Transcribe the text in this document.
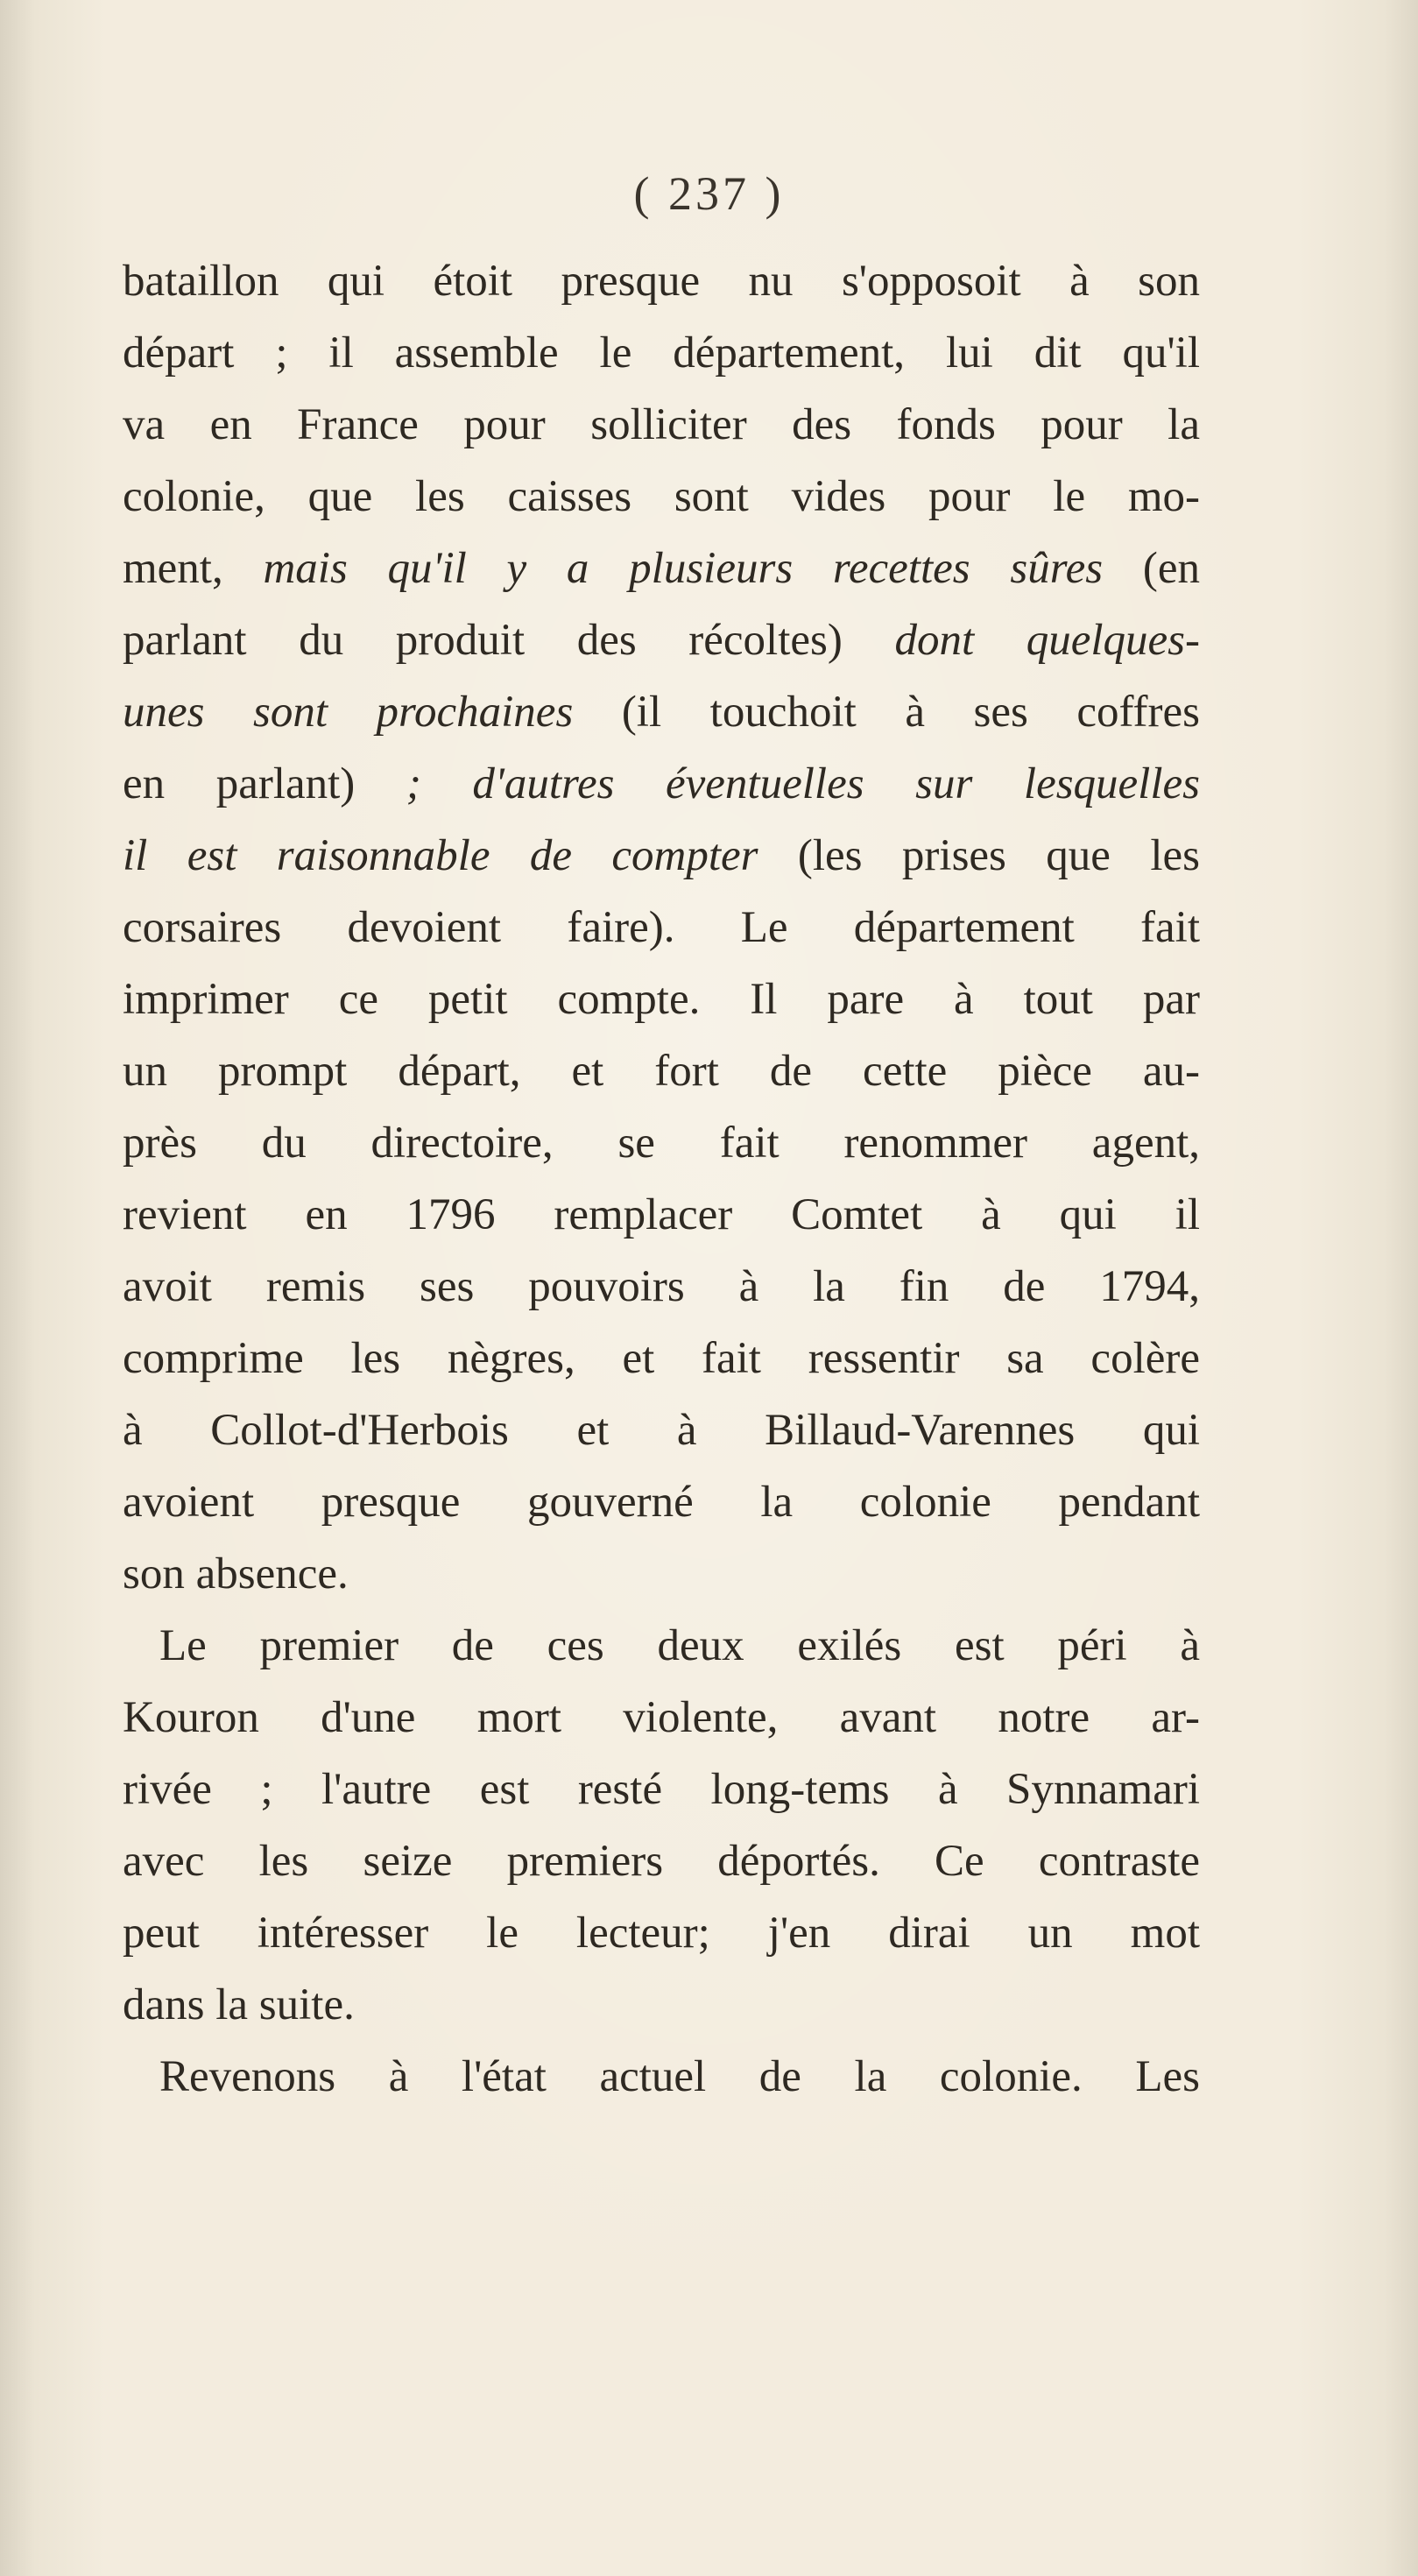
( 237 )
bataillon qui étoit presque nu s'opposoit à son
départ ; il assemble le département, lui dit qu'il
va en France pour solliciter des fonds pour la
colonie, que les caisses sont vides pour le mo-
ment, mais qu'il y a plusieurs recettes sûres (en
parlant du produit des récoltes) dont quelques-
unes sont prochaines (il touchoit à ses coffres
en parlant) ; d'autres éventuelles sur lesquelles
il est raisonnable de compter (les prises que les
corsaires devoient faire). Le département fait
imprimer ce petit compte. Il pare à tout par
un prompt départ, et fort de cette pièce au-
près du directoire, se fait renommer agent,
revient en 1796 remplacer Comtet à qui il
avoit remis ses pouvoirs à la fin de 1794,
comprime les nègres, et fait ressentir sa colère
à Collot-d'Herbois et à Billaud-Varennes qui
avoient presque gouverné la colonie pendant
son absence.
Le premier de ces deux exilés est péri à
Kouron d'une mort violente, avant notre ar-
rivée ; l'autre est resté long-tems à Synnamari
avec les seize premiers déportés. Ce contraste
peut intéresser le lecteur; j'en dirai un mot
dans la suite.
Revenons à l'état actuel de la colonie. Les
